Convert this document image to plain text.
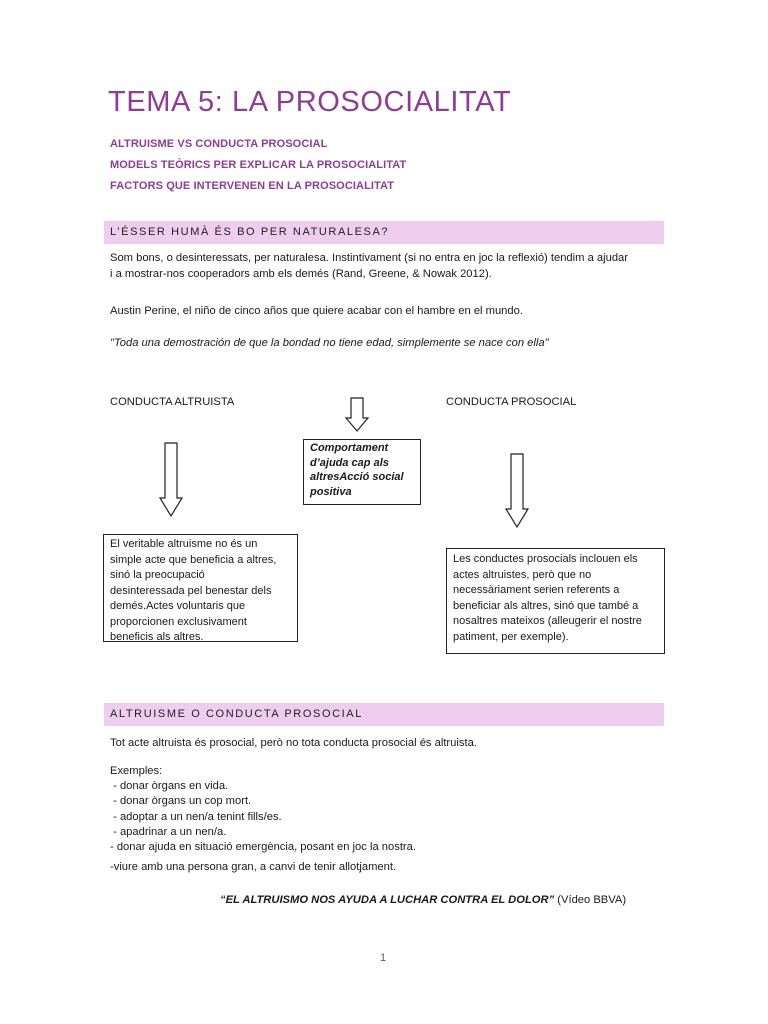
TEMA 5: LA PROSOCIALITAT
ALTRUISME VS CONDUCTA PROSOCIAL
MODELS TEÒRICS PER EXPLICAR LA PROSOCIALITAT
FACTORS QUE INTERVENEN EN LA PROSOCIALITAT
L’ÉSSER HUMÀ ÉS BO PER NATURALESA?
Som bons, o desinteressats, per naturalesa. Instintivament (si no entra en joc la reflexió) tendim a ajudar
i a mostrar-nos cooperadors amb els demés (Rand, Greene, & Nowak 2012).
Austin Perine, el niño de cinco años que quiere acabar con el hambre en el mundo.
"Toda una demostración de que la bondad no tiene edad, simplemente se nace con ella"
CONDUCTA ALTRUISTA	CONDUCTA PROSOCIAL
Comportament
d’ajuda cap als
altresAcció social
positiva
El veritable altruisme no és un
simple acte que beneficia a altres,
sinó la preocupació
desinteressada pel benestar dels
demés.Actes voluntaris que
proporcionen exclusivament
beneficis als altres.
Les conductes prosocials inclouen els
actes altruistes, però que no
necessàriament serien referents a
beneficiar als altres, sinó que també a
nosaltres mateixos (alleugerir el nostre
patiment, per exemple).
ALTRUISME O CONDUCTA PROSOCIAL
Tot acte altruista és prosocial, però no tota conducta prosocial és altruista.
Exemples:
- donar òrgans en vida.
- donar òrgans un cop mort.
- adoptar a un nen/a tenint fills/es.
- apadrinar a un nen/a.
- donar ajuda en situació emergència, posant en joc la nostra.
-viure amb una persona gran, a canvi de tenir allotjament.
“EL ALTRUISMO NOS AYUDA A LUCHAR CONTRA EL DOLOR” (Vídeo BBVA)
1
